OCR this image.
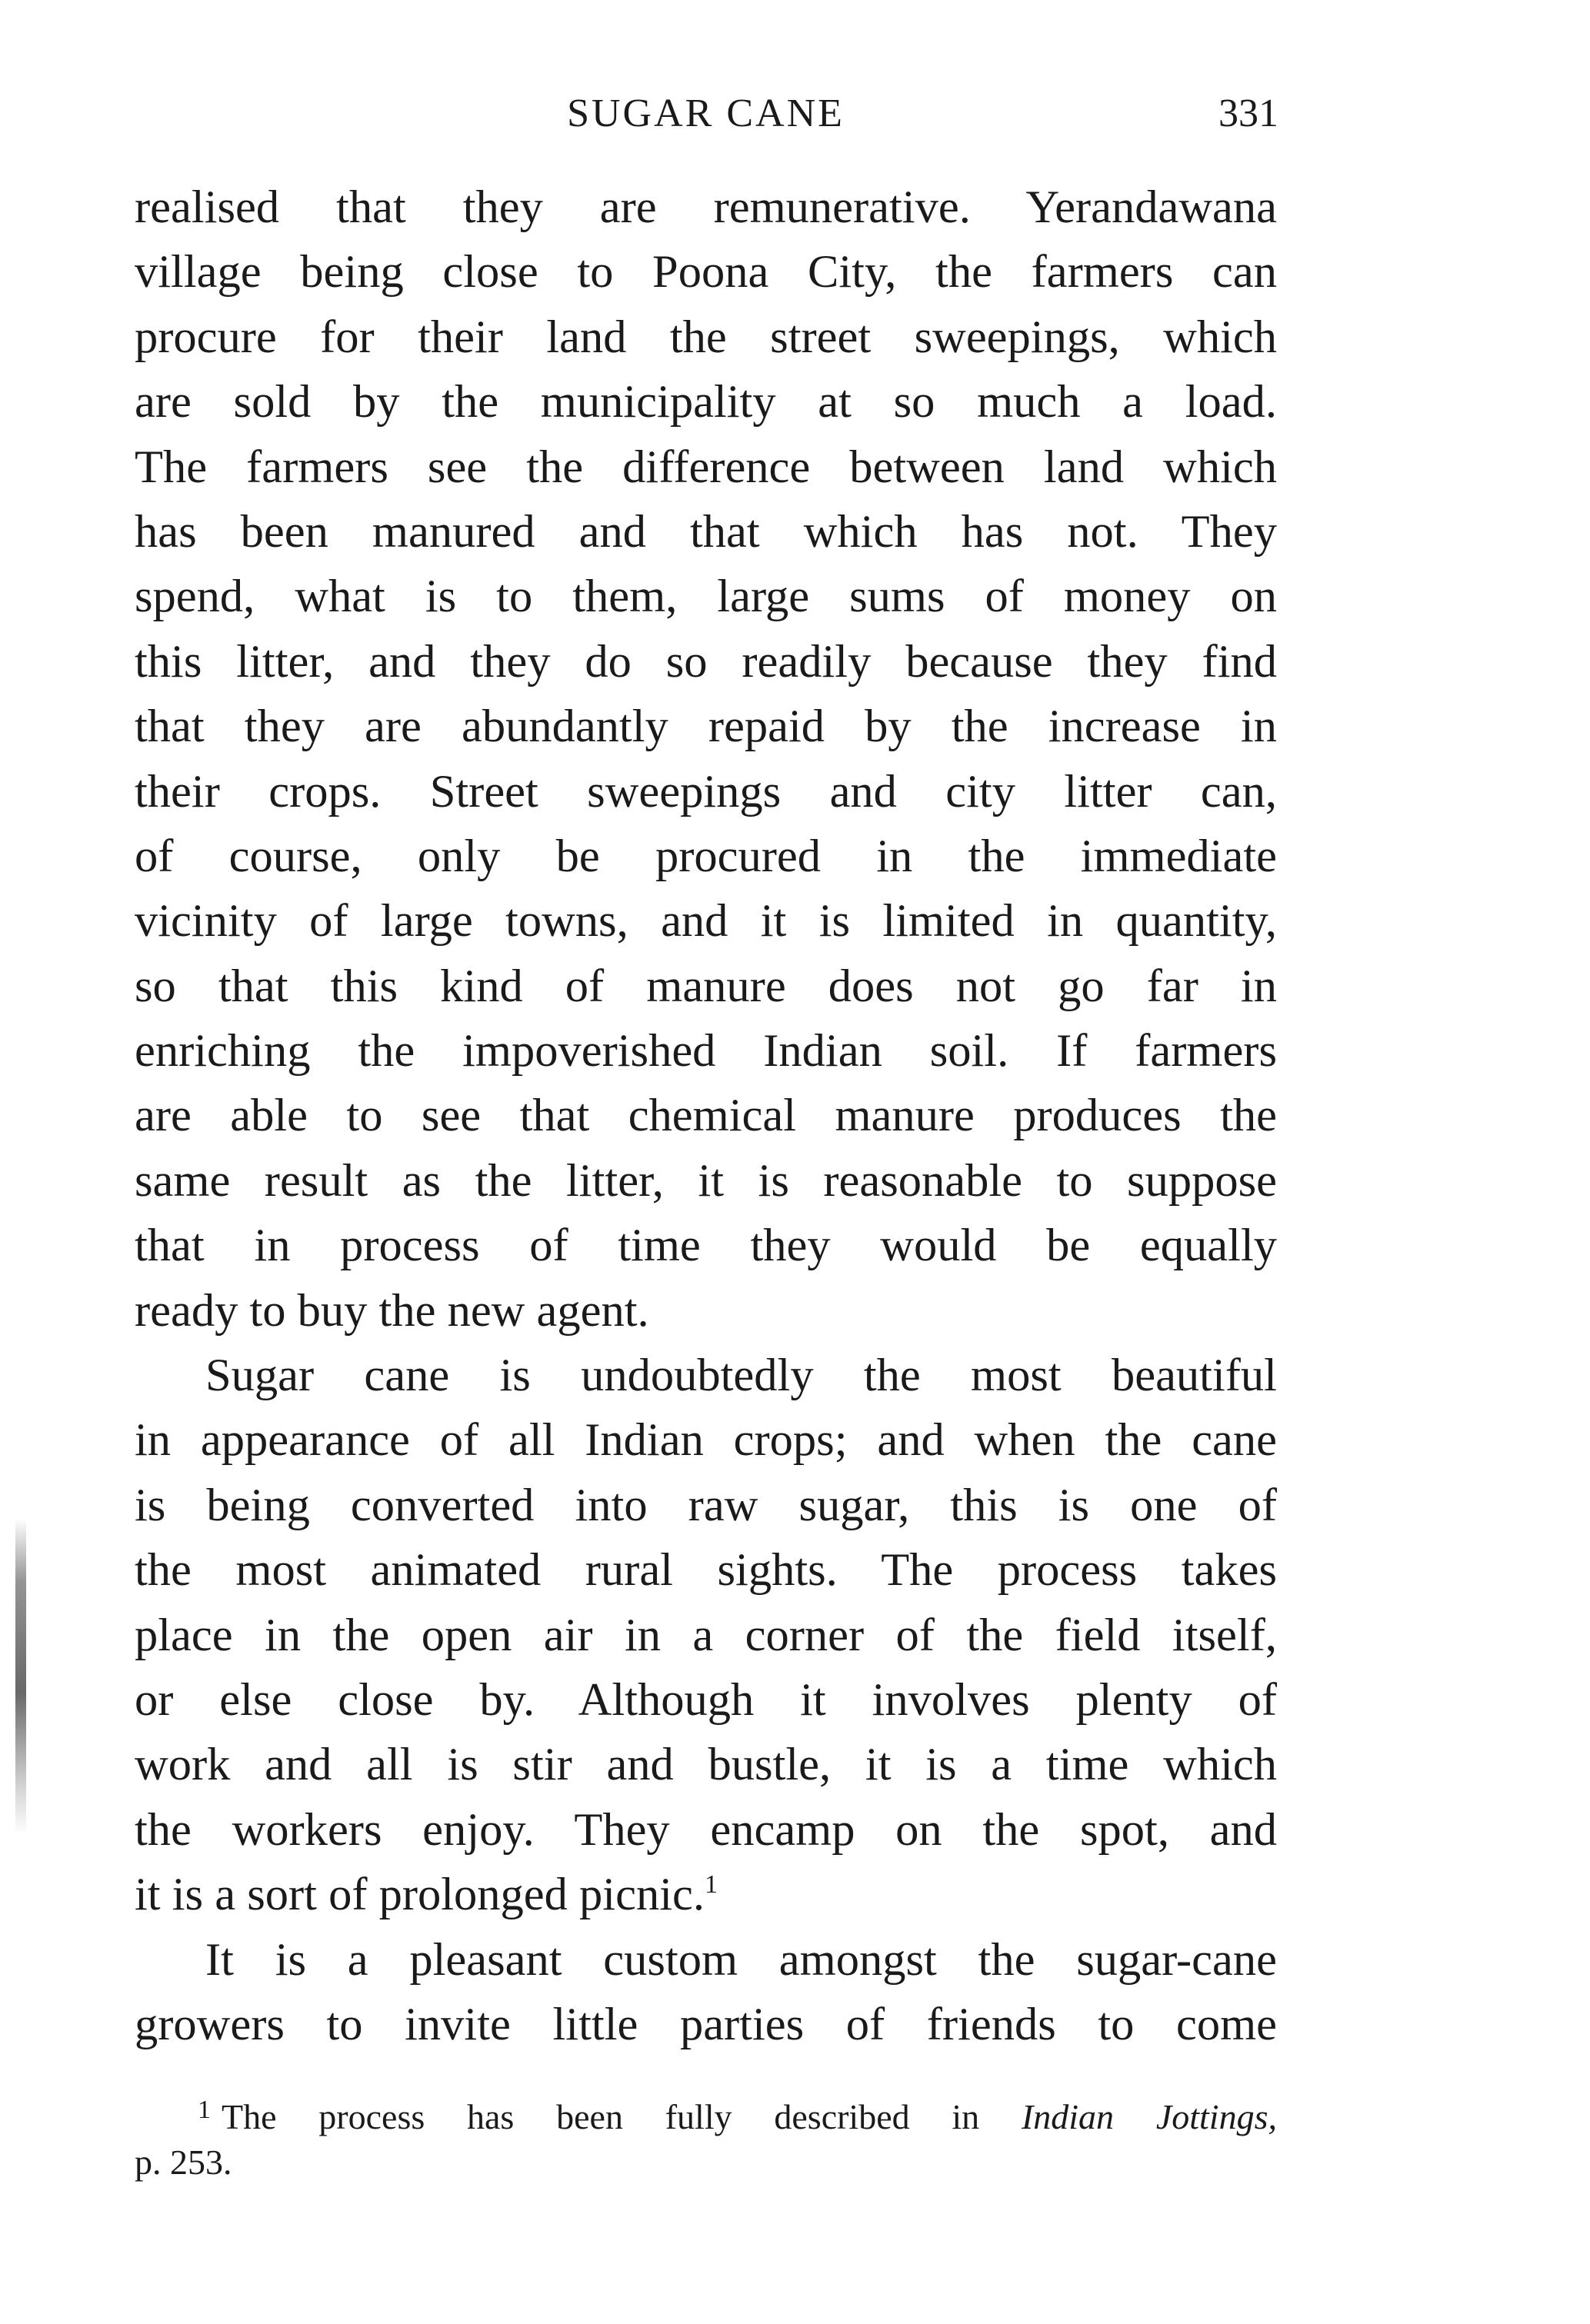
SUGAR CANE	331
realised that they are remunerative. Yerandawana
village being close to Poona City, the farmers can
procure for their land the street sweepings, which
are sold by the municipality at so much a load.
The farmers see the difference between land which
has been manured and that which has not. They
spend, what is to them, large sums of money on
this litter, and they do so readily because they find
that they are abundantly repaid by the increase in
their crops. Street sweepings and city litter can,
of course, only be procured in the immediate
vicinity of large towns, and it is limited in quantity,
so that this kind of manure does not go far in
enriching the impoverished Indian soil. If farmers
are able to see that chemical manure produces the
same result as the litter, it is reasonable to suppose
that in process of time they would be equally
ready to buy the new agent.
Sugar cane is undoubtedly the most beautiful
in appearance of all Indian crops; and when the cane
is being converted into raw sugar, this is one of
the most animated rural sights. The process takes
place in the open air in a corner of the field itself,
or else close by. Although it involves plenty of
work and all is stir and bustle, it is a time which
the workers enjoy. They encamp on the spot, and
it is a sort of prolonged picnic.$^1$
It is a pleasant custom amongst the sugar-cane
growers to invite little parties of friends to come
$^1$ The process has been fully described in Indian Jottings,
p. 253.
